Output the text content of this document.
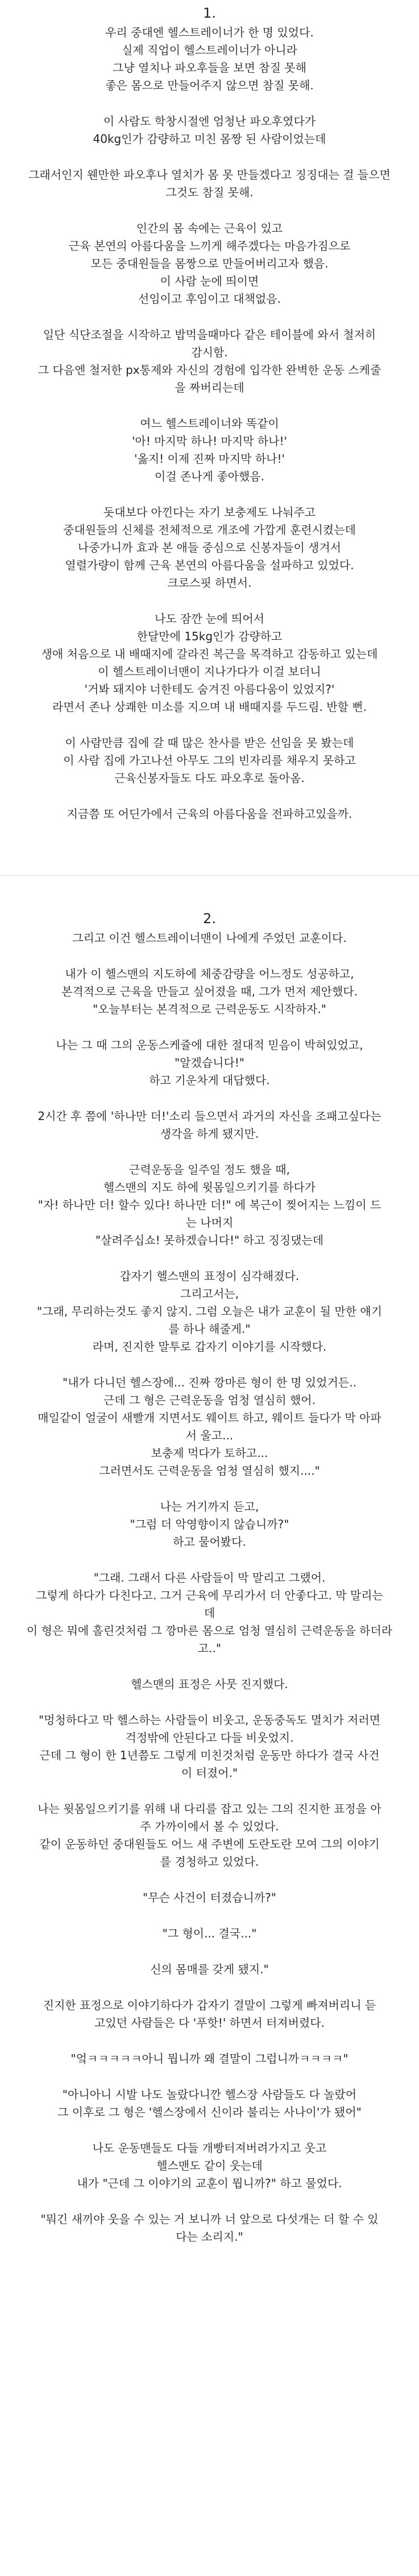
1.
우리 중대엔 헬스트레이너가 한 명 있었다.
실제 직업이 헬스트레이너가 아니라
그냥 열치나 파오후들을 보면 참질 못해
좋은 몸으로 만들어주지 않으면 참질 못해.
이 사람도 학창시절엔 엄청난 파오후였다가
40kg인가 감량하고 미친 몸짱 된 사람이었는데
그래서인지 웬만한 파오후나 열치가 몸 못 만들겠다고 징징대는 걸 들으면
그것도 참질 못해.
인간의 몸 속에는 근육이 있고
근육 본연의 아름다움을 느끼게 해주겠다는 마음가짐으로
모든 중대원들을 몸짱으로 만들어버리고자 했음.
이 사람 눈에 띄이면
선임이고 후임이고 대책없음.
일단 식단조절을 시작하고 밥먹을때마다 같은 테이블에 와서 철저히
감시함.
그 다음엔 철저한 px통제와 자신의 경험에 입각한 완벽한 운동 스케줄
을 짜버리는데
여느 헬스트레이너와 똑같이
'아! 마지막 하나! 마지막 하나!'
'옳지! 이제 진짜 마지막 하나!'
이걸 존나게 좋아했음.
돗대보다 아낀다는 자기 보충제도 나눠주고
중대원들의 신체를 전체적으로 개조에 가깝게 훈련시켰는데
나중가니까 효과 본 애들 중심으로 신봉자들이 생겨서
열렬가량이 함께 근육 본연의 아름다움을 설파하고 있었다.
크로스핏 하면서.
나도 잠깐 눈에 띄어서
한달만에 15kg인가 감량하고
생애 처음으로 내 배때지에 갈라진 복근을 목격하고 감동하고 있는데
이 헬스트레이너맨이 지나가다가 이걸 보더니
'거봐 돼지야 너한테도 숨겨진 아름다움이 있었지?'
라면서 존나 상쾌한 미소를 지으며 내 배때지를 두드림. 반할 뻔.
이 사람만큼 집에 갈 때 많은 찬사를 받은 선임을 못 봤는데
이 사람 집에 가고나선 아무도 그의 빈자리를 채우지 못하고
근육신봉자들도 다도 파오후로 돌아옴.
지금쯤 또 어딘가에서 근육의 아름다움을 전파하고있을까.
2.
그리고 이건 헬스트레이너맨이 나에게 주었던 교훈이다.
내가 이 헬스맨의 지도하에 체중감량을 어느정도 성공하고,
본격적으로 근육을 만들고 싶어졌을 때, 그가 먼저 제안했다.
"오늘부터는 본격적으로 근력운동도 시작하자."
나는 그 때 그의 운동스케쥴에 대한 절대적 믿음이 박혀있었고,
"알겠습니다!"
하고 기운차게 대답했다.
2시간 후 쯤에 '하나만 더!'소리 들으면서 과거의 자신을 조패고싶다는
생각을 하게 됐지만.
근력운동을 일주일 정도 했을 때,
헬스맨의 지도 하에 윗몸일으키기를 하다가
"자! 하나만 더! 할수 있다! 하나만 더!" 에 복근이 찢어지는 느낌이 드
는 나머지
"살려주십쇼! 못하겠습니다!" 하고 징징댔는데
갑자기 헬스맨의 표정이 심각해졌다.
그리고서는,
"그래, 무리하는것도 좋지 않지. 그럼 오늘은 내가 교훈이 될 만한 얘기
를 하나 해줄게."
라며, 진지한 말투로 갑자기 이야기를 시작했다.
"내가 다니던 헬스장에... 진짜 깡마른 형이 한 명 있었거든..
근데 그 형은 근력운동을 엄청 열심히 했어.
매일같이 얼굴이 새빨개 지면서도 웨이트 하고, 웨이트 들다가 막 아파
서 울고...
보충제 먹다가 토하고...
그러면서도 근력운동을 엄청 열심히 했지...."
나는 거기까지 듣고,
"그럼 더 악영향이지 않습니까?"
하고 물어봤다.
"그래. 그래서 다른 사람들이 막 말리고 그랬어.
그렇게 하다가 다친다고. 그거 근육에 무리가서 더 안좋다고. 막 말리는
데
이 형은 뭐에 홀린것처럼 그 깡마른 몸으로 엄청 열심히 근력운동을 하더라
고.."
헬스맨의 표정은 사뭇 진지했다.
"멍청하다고 막 헬스하는 사람들이 비웃고, 운동중독도 멸치가 저러면
걱정밖에 안된다고 다들 비웃었지.
근데 그 형이 한 1년쯤도 그렇게 미친것처럼 운동만 하다가 결국 사건
이 터졌어."
나는 윗몸일으키기를 위해 내 다리를 잡고 있는 그의 진지한 표정을 아
주 가까이에서 볼 수 있었다.
같이 운동하던 중대원들도 어느 새 주변에 도란도란 모여 그의 이야기
를 경청하고 있었다.
"무슨 사건이 터졌습니까?"
"그 형이... 결국..."
신의 몸매를 갖게 됐지."
진지한 표정으로 이야기하다가 갑자기 결말이 그렇게 빠져버리니 듣
고있던 사람들은 다 '푸핫!' 하면서 터져버렸다.
"엌ㅋㅋㅋㅋㅋ아니 뭡니까 왜 결말이 그럽니까ㅋㅋㅋㅋ"
"아니아니 시발 나도 놀랐다니깐 헬스장 사람들도 다 놀랐어
그 이후로 그 형은 '헬스장에서 신이라 불리는 사나이'가 됐어"
나도 운동맨들도 다들 개빵터져버려가지고 웃고
헬스맨도 같이 웃는데
내가 "근데 그 이야기의 교훈이 뭡니까?" 하고 물었다.
"뭐긴 새끼야 웃을 수 있는 거 보니까 너 앞으로 다섯개는 더 할 수 있
다는 소리지."
